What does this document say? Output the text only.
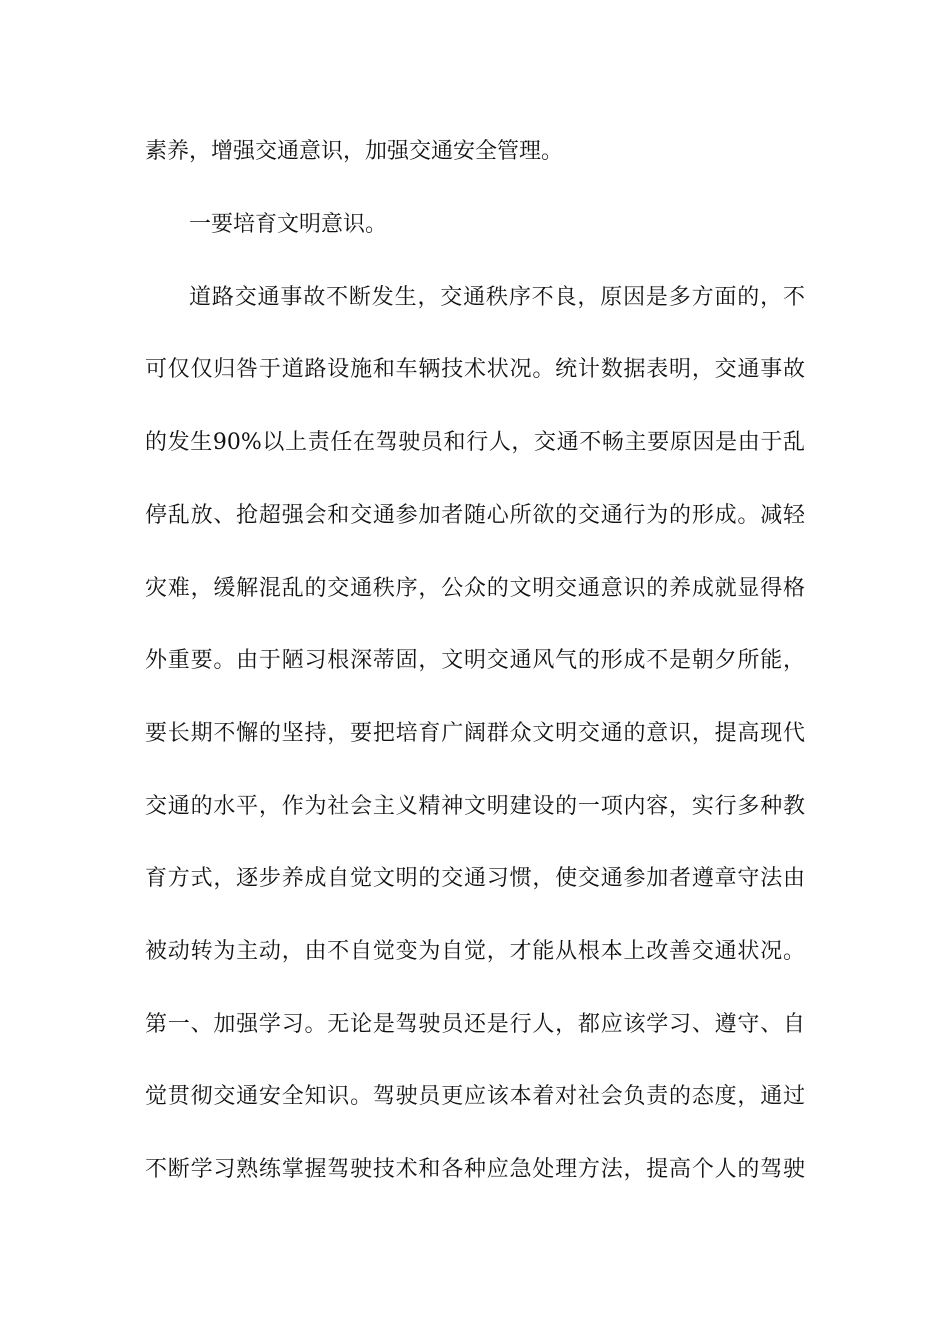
素养，增强交通意识，加强交通安全管理。
一要培育文明意识。
道路交通事故不断发生，交通秩序不良，原因是多方面的，不
可仅仅归咎于道路设施和车辆技术状况。统计数据表明，交通事故
的发生90%以上责任在驾驶员和行人，交通不畅主要原因是由于乱
停乱放、抢超强会和交通参加者随心所欲的交通行为的形成。减轻
灾难，缓解混乱的交通秩序，公众的文明交通意识的养成就显得格
外重要。由于陋习根深蒂固，文明交通风气的形成不是朝夕所能，
要长期不懈的坚持，要把培育广阔群众文明交通的意识，提高现代
交通的水平，作为社会主义精神文明建设的一项内容，实行多种教
育方式，逐步养成自觉文明的交通习惯，使交通参加者遵章守法由
被动转为主动，由不自觉变为自觉，才能从根本上改善交通状况。
第一、加强学习。无论是驾驶员还是行人，都应该学习、遵守、自
觉贯彻交通安全知识。驾驶员更应该本着对社会负责的态度，通过
不断学习熟练掌握驾驶技术和各种应急处理方法，提高个人的驾驶
